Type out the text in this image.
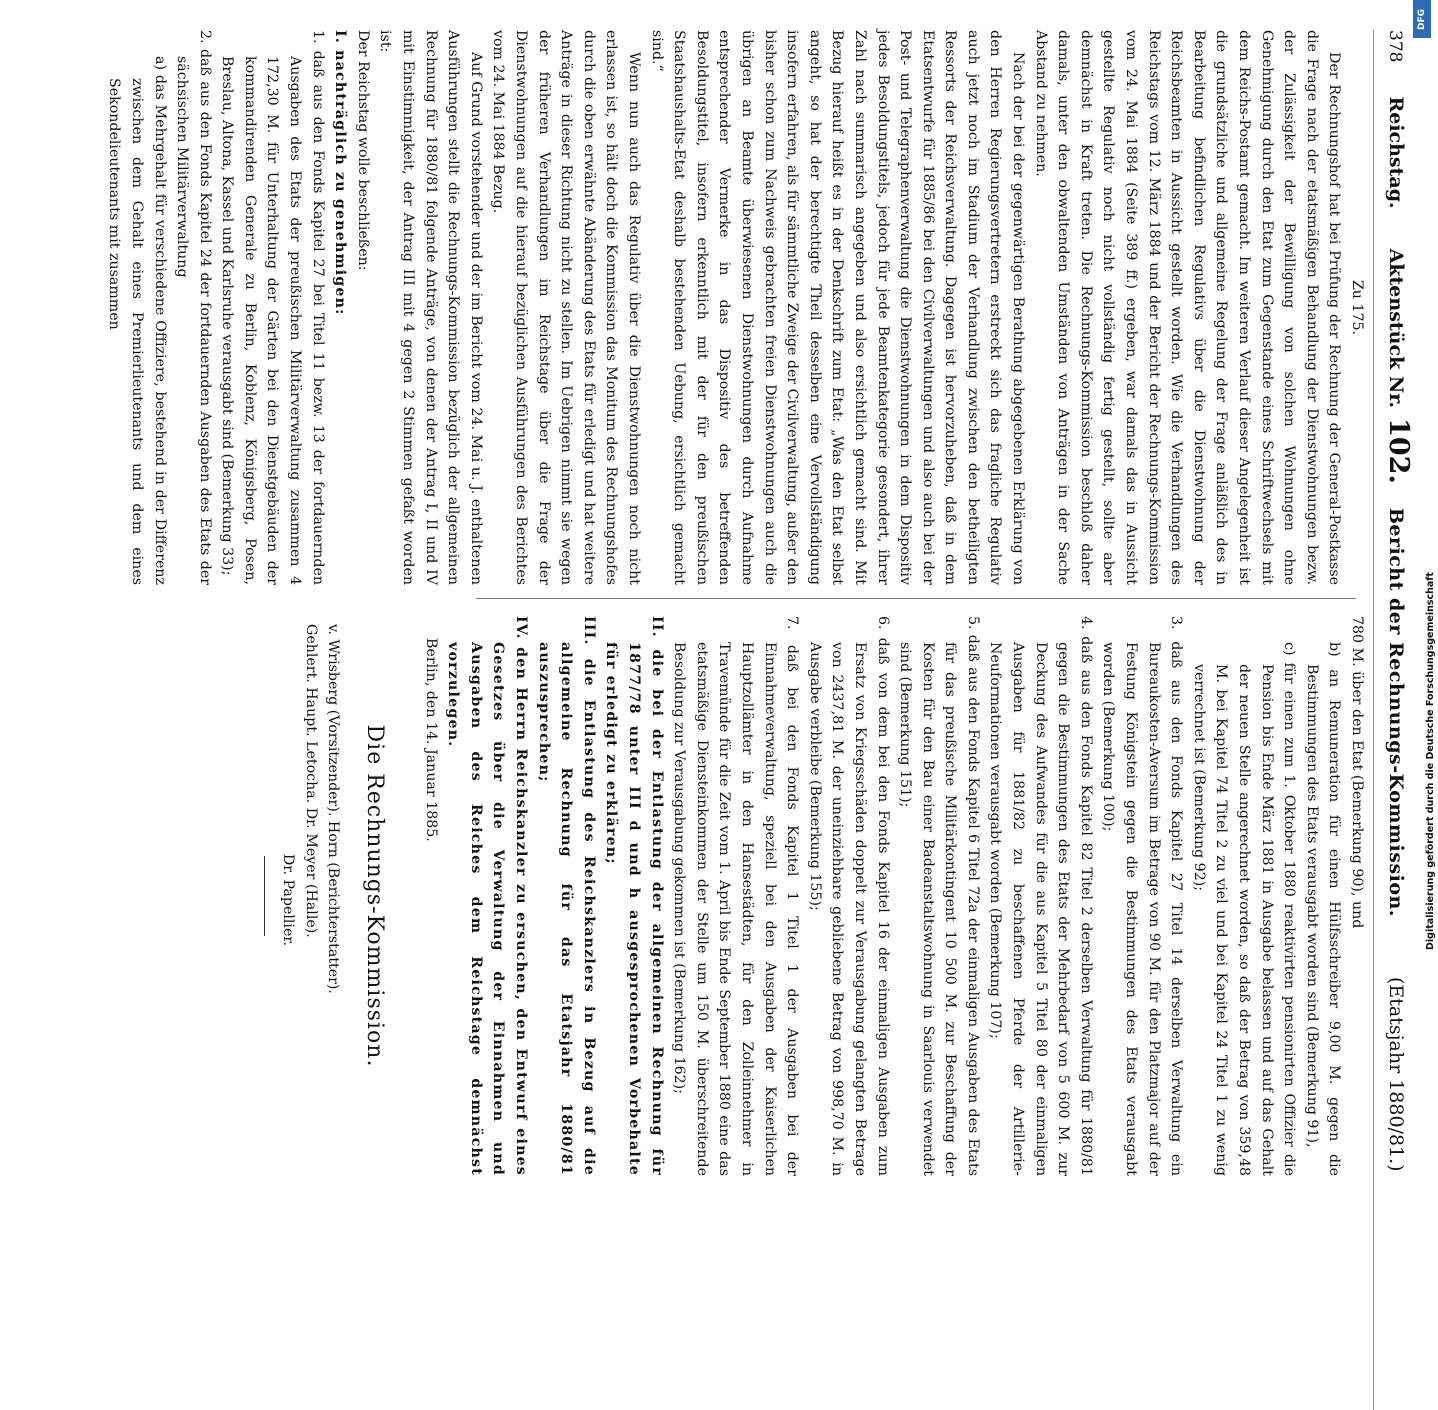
378
Reichstag.
Aktenstück Nr.
102.
Bericht der Rechnungs-Kommission.
(Etatsjahr 1880/81.)

Zu 175.

Der Rechnungshof hat bei Prüfung der Rechnung der General-Postkasse die Frage nach der etatsmäßigen Behandlung der Dienstwohnungen bezw. der Zulässigkeit der Bewilligung von solchen Wohnungen ohne Genehmigung durch den Etat zum Gegenstande eines Schriftwechsels mit dem Reichs-Postamt gemacht. Im weiteren Verlauf dieser Angelegenheit ist die grundsätzliche und allgemeine Regelung der Frage anläßlich des in Bearbeitung befindlichen Regulativs über die Dienstwohnung der Reichsbeamten in Aussicht gestellt worden. Wie die Verhandlungen des Reichstags vom 12. März 1884 und der Bericht der Rechnungs-Kommission vom 24. Mai 1884 (Seite 389 ff.) ergeben, war damals das in Aussicht gestellte Regulativ noch nicht vollständig fertig gestellt, sollte aber demnächst in Kraft treten. Die Rechnungs-Kommission beschloß daher damals, unter den obwaltenden Umständen von Anträgen in der Sache Abstand zu nehmen.

Nach der bei der gegenwärtigen Berathung abgegebenen Erklärung von den Herren Regierungsvertretern erstreckt sich das fragliche Regulativ auch jetzt noch im Stadium der Verhandlung zwischen den betheiligten Ressorts der Reichsverwaltung. Dagegen ist hervorzuheben, daß in dem Etatsentwurfe für 1885/86 bei den Civilverwaltungen und also auch bei der Post- und Telegraphenverwaltung die Dienstwohnungen in dem Dispositiv jedes Besoldungstitels, jedoch für jede Beamtenkategorie gesondert, ihrer Zahl nach summarisch angegeben und also ersichtlich gemacht sind. Mit Bezug hierauf heißt es in der Denkschrift zum Etat: „Was den Etat selbst angeht, so hat der berechtigte Theil desselben eine Vervollständigung insofern erfahren, als für sämmtliche Zweige der Civilverwaltung, außer den bisher schon zum Nachweis gebrachten freien Dienstwohnungen auch die übrigen an Beamte überwiesenen Dienstwohnungen durch Aufnahme entsprechender Vermerke in das Dispositiv des betreffenden Besoldungstitel, insofern erkenntlich mit der für den preußischen Staatshaushalts-Etat deshalb bestehenden Uebung, ersichtlich gemacht sind.“

Wenn nun auch das Regulativ über die Dienstwohnungen noch nicht erlassen ist, so hält doch die Kommission das Monitum des Rechnungshofes durch die oben erwähnte Abänderung des Etats für erledigt und hat weitere Anträge in dieser Richtung nicht zu stellen. Im Uebrigen nimmt sie wegen der früheren Verhandlungen im Reichstage über die Frage der Dienstwohnungen auf die hierauf bezüglichen Ausführungen des Berichtes vom 24. Mai 1884 Bezug.

Auf Grund vorstehender und der im Bericht vom 24. Mai u. J. enthaltenen Ausführungen stellt die Rechnungs-Kommission bezüglich der allgemeinen Rechnung für 1880/81 folgende Anträge, von denen der Antrag I, II und IV mit Einstimmigkeit, der Antrag III mit 4 gegen 2 Stimmen gefaßt worden ist:

Der Reichstag wolle beschließen:

I. nachträglich zu genehmigen:

1. daß aus den Fonds Kapitel 27 bei Titel 11 bezw. 13 der fortdauernden Ausgaben des Etats der preußischen Militärverwaltung zusammen 4 172,30 M. für Unterhaltung der Gärten bei den Dienstgebäuden der kommandirenden Generale zu Berlin, Koblenz, Königsberg, Posen, Breslau, Altona, Kassel und Karlsruhe verausgabt sind (Bemerkung 33);

2. daß aus den Fonds Kapitel 24 der fortdauernden Ausgaben des Etats der sächsischen Militärverwaltung

a) das Mehrgehalt für verschiedene Offiziere, bestehend in der Differenz zwischen dem Gehalt eines Premierlieutenants und dem eines Sekondelieutenants mit zusammen

780 M. über den Etat (Bemerkung 90), und

b) an Remuneration für einen Hülfsschreiber 9,00 M. gegen die Bestimmungen des Etats verausgabt worden sind (Bemerkung 91),

c) für einen zum 1. Oktober 1880 reaktivirten pensionirten Offizier die Pension bis Ende März 1881 in Ausgabe belassen und auf das Gehalt der neuen Stelle angerechnet worden, so daß der Betrag von 359,48 M. bei Kapitel 74 Titel 2 zu viel und bei Kapitel 24 Titel 1 zu wenig verrechnet ist (Bemerkung 92);

3. daß aus den Fonds Kapitel 27 Titel 14 derselben Verwaltung ein Bureaukosten-Aversum im Betrage von 90 M. für den Platzmajor auf der Festung Königstein gegen die Bestimmungen des Etats verausgabt worden (Bemerkung 100);

4. daß aus den Fonds Kapitel 82 Titel 2 derselben Verwaltung für 1880/81 gegen die Bestimmungen des Etats der Mehrbedarf von 5 600 M. zur Deckung des Aufwandes für die aus Kapitel 5 Titel 80 der einmaligen Ausgaben für 1881/82 zu beschaffenen Pferde der Artillerie-Neuformationen verausgabt worden (Bemerkung 107);

5. daß aus den Fonds Kapitel 6 Titel 72a der einmaligen Ausgaben des Etats für das preußische Militärkontingent 10 500 M. zur Beschaffung der Kosten für den Bau einer Badeanstaltswohnung in Saarlouis verwendet sind (Bemerkung 151);

6. daß von dem bei den Fonds Kapitel 16 der einmaligen Ausgaben zum Ersatz von Kriegsschäden doppelt zur Verausgabung gelangten Betrage von 2437,81 M. der uneinziehbare gebliebene Betrag von 998,70 M. in Ausgabe verbleibe (Bemerkung 155);

7. daß bei den Fonds Kapitel 1 Titel 1 der Ausgaben bei der Einnahmeverwaltung, speziell bei den Ausgaben der Kaiserlichen Hauptzollämter in den Hansestädten, für den Zolleinnehmer in Travemünde für die Zeit vom 1. April bis Ende September 1880 eine das etatsmäßige Diensteinkommen der Stelle um 150 M. überschreitende Besoldung zur Verausgabung gekommen ist (Bemerkung 162);

II. die bei der Entlastung der allgemeinen Rechnung für 1877/78 unter III d und h ausgesprochenen Vorbehalte für erledigt zu erklären;

III. die Entlastung des Reichskanzlers in Bezug auf die allgemeine Rechnung für das Etatsjahr 1880/81 auszusprechen;

IV. den Herrn Reichskanzler zu ersuchen, den Entwurf eines Gesetzes über die Verwaltung der Einnahmen und Ausgaben des Reiches dem Reichstage demnächst vorzulegen.

Berlin, den 14. Januar 1885.

Die Rechnungs-Kommission.

v. Wrisberg (Vorsitzender). Horn (Berichterstatter).

Gehlert. Haupt. Letocha. Dr. Meyer (Halle).

Dr. Papellier.	Digitalisierung gefördert durch die Deutsche Forschungsgemeinschaft
DFG
